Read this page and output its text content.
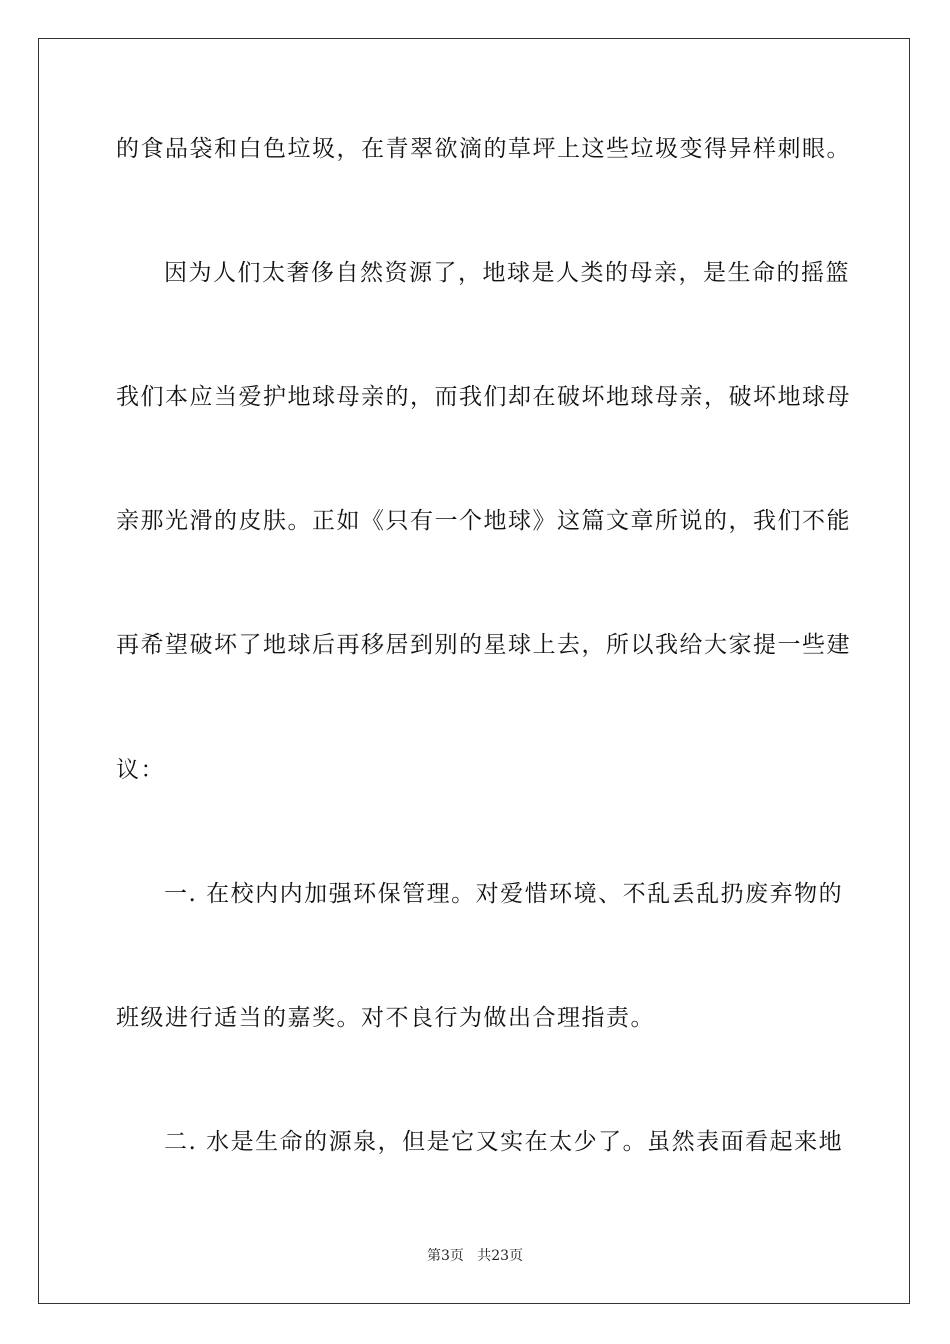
的食品袋和白色垃圾，在青翠欲滴的草坪上这些垃圾变得异样刺眼。
因为人们太奢侈自然资源了，地球是人类的母亲，是生命的摇篮
我们本应当爱护地球母亲的，而我们却在破坏地球母亲，破坏地球母
亲那光滑的皮肤。正如《只有一个地球》这篇文章所说的，我们不能
再希望破坏了地球后再移居到别的星球上去，所以我给大家提一些建
议：
一. 在校内内加强环保管理。对爱惜环境、不乱丢乱扔废弃物的
班级进行适当的嘉奖。对不良行为做出合理指责。
二. 水是生命的源泉，但是它又实在太少了。虽然表面看起来地
第3页   共23页
